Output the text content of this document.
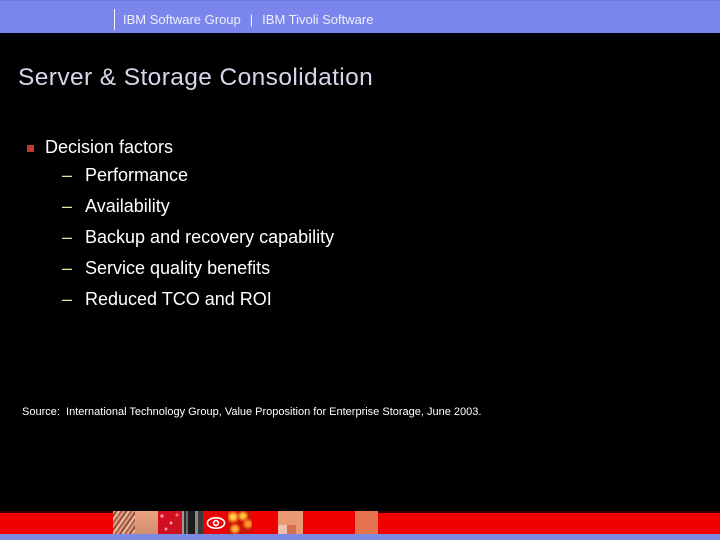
IBM Software Group | IBM Tivoli Software
Server & Storage Consolidation
Decision factors
– Performance
– Availability
– Backup and recovery capability
– Service quality benefits
– Reduced TCO and ROI
Source:  International Technology Group, Value Proposition for Enterprise Storage, June 2003.
